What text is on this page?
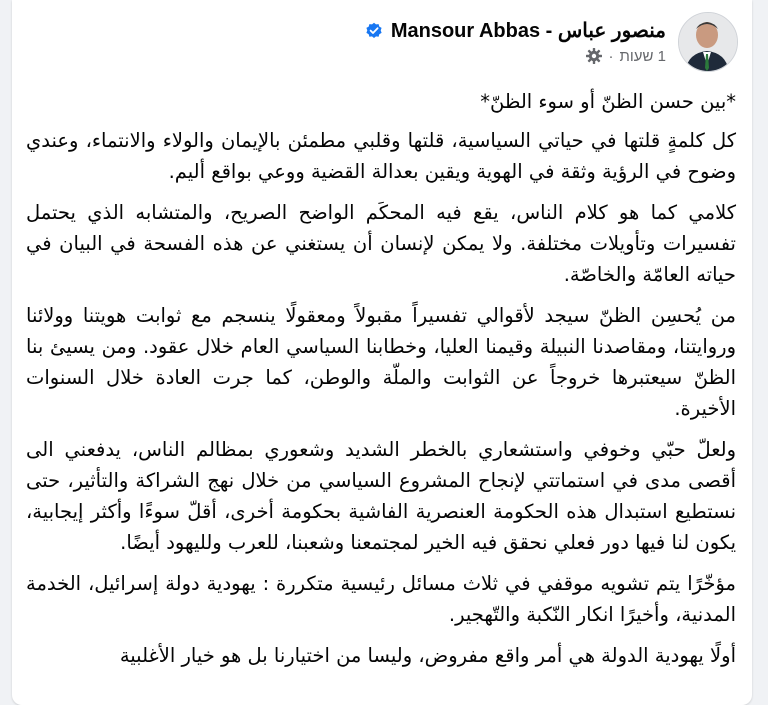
منصور عباس - Mansour Abbas
1 שעות
·

*بين حسن الظنّ أو سوء الظنّ*

كل كلمةٍ قلتها في حياتي السياسية، قلتها وقلبي مطمئن بالإيمان والولاء والانتماء، وعندي وضوح في الرؤية وثقة في الهوية ويقين بعدالة القضية ووعي بواقع أليم.

كلامي كما هو كلام الناس، يقع فيه المحكَم الواضح الصريح، والمتشابه الذي يحتمل تفسيرات وتأويلات مختلفة. ولا يمكن لإنسان أن يستغني عن هذه الفسحة في البيان في حياته العامّة والخاصّة.

من يُحسِن الظنّ سيجد لأقوالي تفسيراً مقبولاً ومعقولًا ينسجم مع ثوابت هويتنا وولائنا وروايتنا، ومقاصدنا النبيلة وقيمنا العليا، وخطابنا السياسي العام خلال عقود. ومن يسيئ بنا الظنّ سيعتبرها خروجاً عن الثوابت والملّة والوطن، كما جرت العادة خلال السنوات الأخيرة.

ولعلّ حبّي وخوفي واستشعاري بالخطر الشديد وشعوري بمظالم الناس، يدفعني الى أقصى مدى في استماتتي لإنجاح المشروع السياسي من خلال نهج الشراكة والتأثير، حتى نستطيع استبدال هذه الحكومة العنصرية الفاشية بحكومة أخرى، أقلّ سوءًا وأكثر إيجابية، يكون لنا فيها دور فعلي نحقق فيه الخير لمجتمعنا وشعبنا، للعرب ولليهود أيضًا.

مؤخّرًا يتم تشويه موقفي في ثلاث مسائل رئيسية متكررة : يهودية دولة إسرائيل، الخدمة المدنية، وأخيرًا انكار النّكبة والتّهجير.

أولًا يهودية الدولة هي أمر واقع مفروض، وليسا من اختيارنا بل هو خيار الأغلبية
